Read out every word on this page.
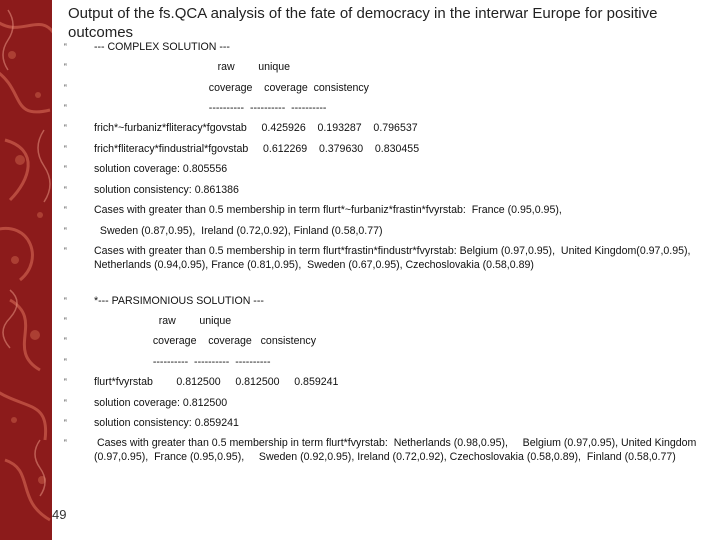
Output of the fs.QCA analysis of the fate of democracy in the interwar Europe for positive outcomes
‟	--- COMPLEX SOLUTION ---
‟	raw        unique
‟	coverage    coverage  consistency
‟	----------  ----------  ----------
‟	frich*~furbaniz*fliteracy*fgovstab     0.425926    0.193287    0.796537
‟	frich*fliteracy*findustrial*fgovstab     0.612269    0.379630    0.830455
‟	solution coverage: 0.805556
‟	solution consistency: 0.861386
‟	Cases with greater than 0.5 membership in term flurt*~furbaniz*frastin*fvyrstab:  France (0.95,0.95),
‟	Sweden (0.87,0.95),  Ireland (0.72,0.92), Finland (0.58,0.77)
‟	Cases with greater than 0.5 membership in term flurt*frastin*findustr*fvyrstab: Belgium (0.97,0.95),  United Kingdom(0.97,0.95),  Netherlands (0.94,0.95), France (0.81,0.95),  Sweden (0.67,0.95), Czechoslovakia (0.58,0.89)
‟	*--- PARSIMONIOUS SOLUTION ---
‟	raw        unique
‟	coverage    coverage   consistency
‟	----------  ----------  ----------
‟	flurt*fvyrstab        0.812500     0.812500     0.859241
‟	solution coverage: 0.812500
‟	solution consistency: 0.859241
‟	Cases with greater than 0.5 membership in term flurt*fvyrstab:  Netherlands (0.98,0.95),     Belgium (0.97,0.95), United Kingdom (0.97,0.95),  France (0.95,0.95),     Sweden (0.92,0.95), Ireland (0.72,0.92), Czechoslovakia (0.58,0.89),  Finland (0.58,0.77)
49
